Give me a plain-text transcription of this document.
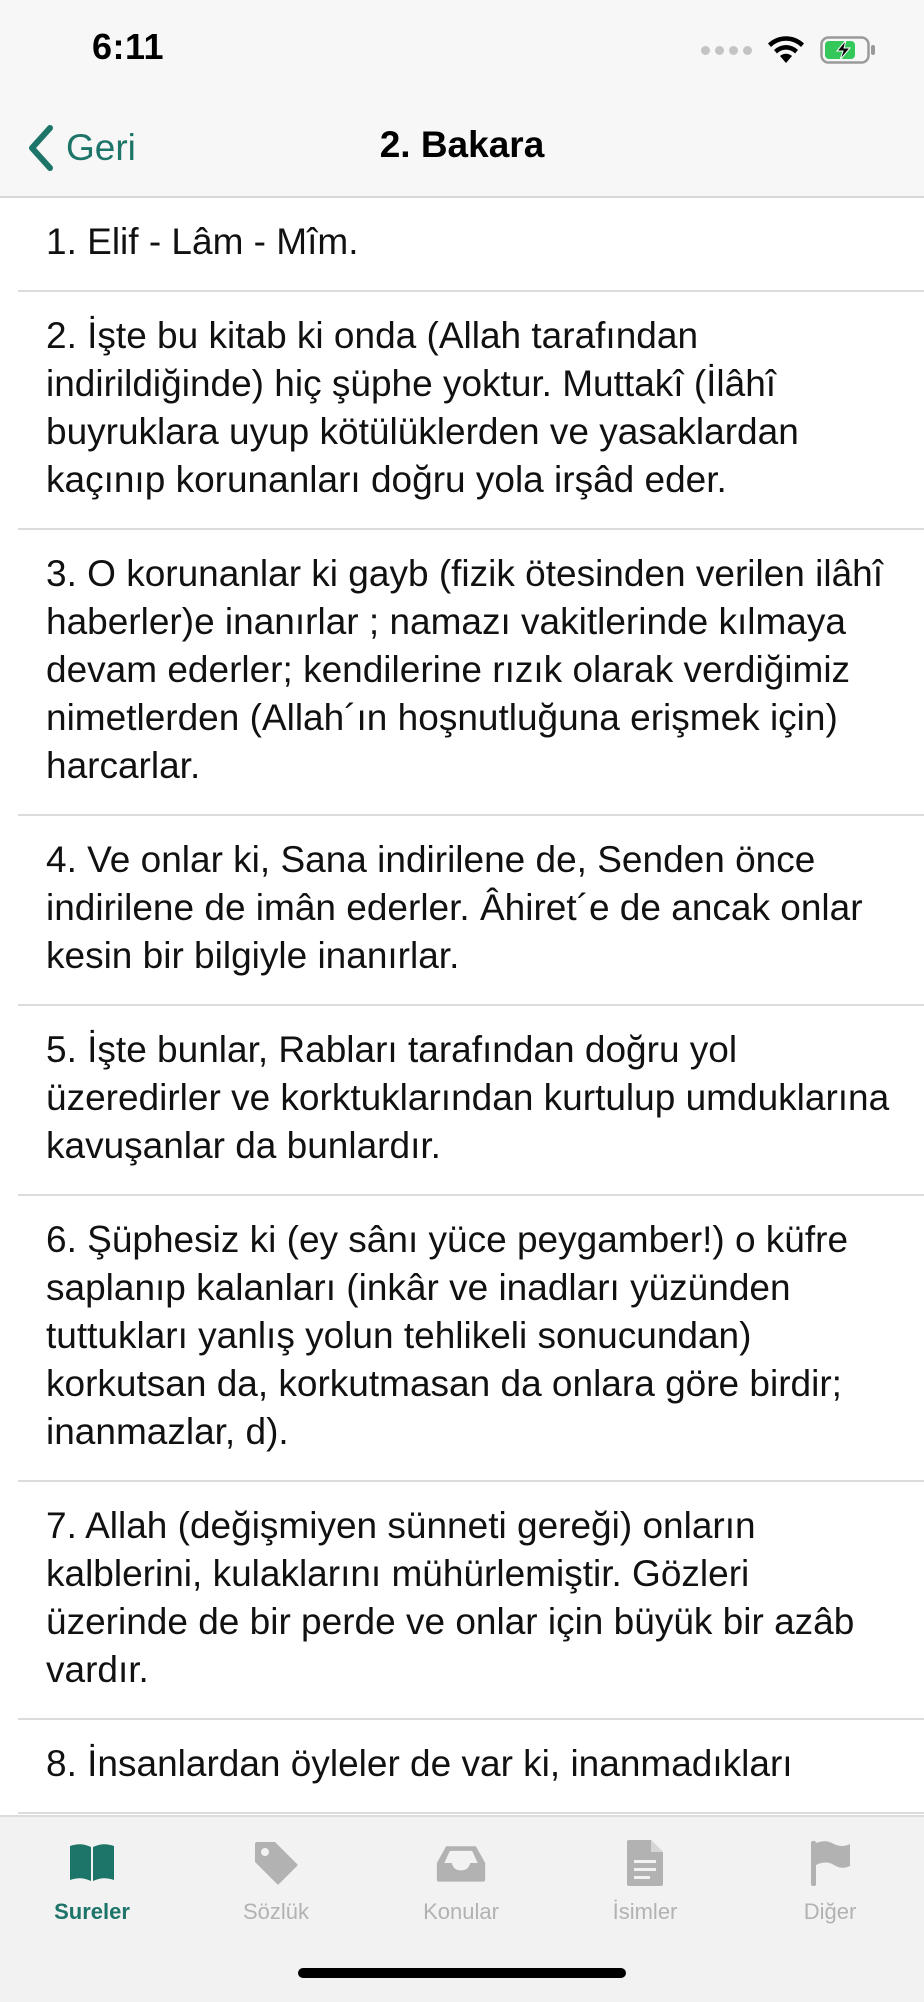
6:11
Geri	2. Bakara
1. Elif - Lâm - Mîm.
2. İşte bu kitab ki onda (Allah tarafından indirildiğinde) hiç şüphe yoktur. Muttakî (İlâhî buyruklara uyup kötülüklerden ve yasaklardan kaçınıp korunanları doğru yola irşâd eder.
3. O korunanlar ki gayb (fizik ötesinden verilen ilâhî haberler)e inanırlar ; namazı vakitlerinde kılmaya devam ederler; kendilerine rızık olarak verdiğimiz nimetlerden (Allah´ın hoşnutluğuna erişmek için) harcarlar.
4. Ve onlar ki, Sana indirilene de, Senden önce indirilene de imân ederler. Âhiret´e de ancak onlar kesin bir bilgiyle inanırlar.
5. İşte bunlar, Rabları tarafından doğru yol üzeredirler ve korktuklarından kurtulup umduklarına kavuşanlar da bunlardır.
6. Şüphesiz ki (ey sânı yüce peygamber!) o küfre saplanıp kalanları (inkâr ve inadları yüzünden tuttukları yanlış yolun tehlikeli sonucundan) korkutsan da, korkutmasan da onlara göre birdir; inanmazlar, d).
7. Allah (değişmiyen sünneti gereği) onların kalblerini, kulaklarını mühürlemiştir. Gözleri üzerinde de bir perde ve onlar için büyük bir azâb vardır.
8. İnsanlardan öyleler de var ki, inanmadıkları
Sureler	Sözlük	Konular	İsimler	Diğer
